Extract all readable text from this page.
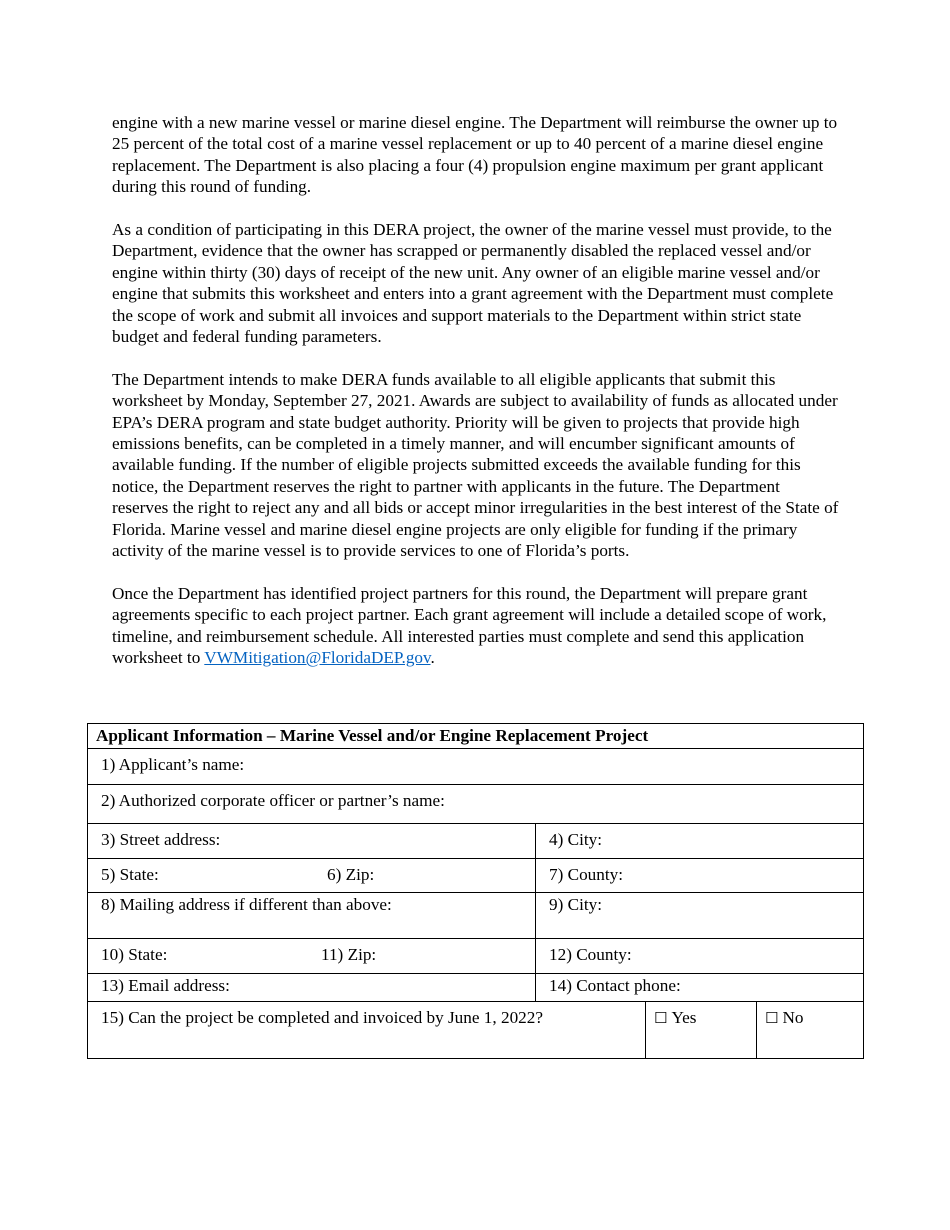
engine with a new marine vessel or marine diesel engine. The Department will reimburse the owner up to 25 percent of the total cost of a marine vessel replacement or up to 40 percent of a marine diesel engine replacement. The Department is also placing a four (4) propulsion engine maximum per grant applicant during this round of funding.

As a condition of participating in this DERA project, the owner of the marine vessel must provide, to the Department, evidence that the owner has scrapped or permanently disabled the replaced vessel and/or engine within thirty (30) days of receipt of the new unit. Any owner of an eligible marine vessel and/or engine that submits this worksheet and enters into a grant agreement with the Department must complete the scope of work and submit all invoices and support materials to the Department within strict state budget and federal funding parameters.

The Department intends to make DERA funds available to all eligible applicants that submit this worksheet by Monday, September 27, 2021. Awards are subject to availability of funds as allocated under EPA’s DERA program and state budget authority. Priority will be given to projects that provide high emissions benefits, can be completed in a timely manner, and will encumber significant amounts of available funding. If the number of eligible projects submitted exceeds the available funding for this notice, the Department reserves the right to partner with applicants in the future. The Department reserves the right to reject any and all bids or accept minor irregularities in the best interest of the State of Florida. Marine vessel and marine diesel engine projects are only eligible for funding if the primary activity of the marine vessel is to provide services to one of Florida’s ports.

Once the Department has identified project partners for this round, the Department will prepare grant agreements specific to each project partner. Each grant agreement will include a detailed scope of work, timeline, and reimbursement schedule. All interested parties must complete and send this application worksheet to VWMitigation@FloridaDEP.gov.

Applicant Information – Marine Vessel and/or Engine Replacement Project			
1) Applicant’s name:			
2) Authorized corporate officer or partner’s name:			
3) Street address:	4) City:		
5) State: 6) Zip:	7) County:		
8) Mailing address if different than above:	9) City:		
10) State: 11) Zip:	12) County:		
13) Email address:	14) Contact phone:		
15) Can the project be completed and invoiced by June 1, 2022?		☐ Yes	☐ No
